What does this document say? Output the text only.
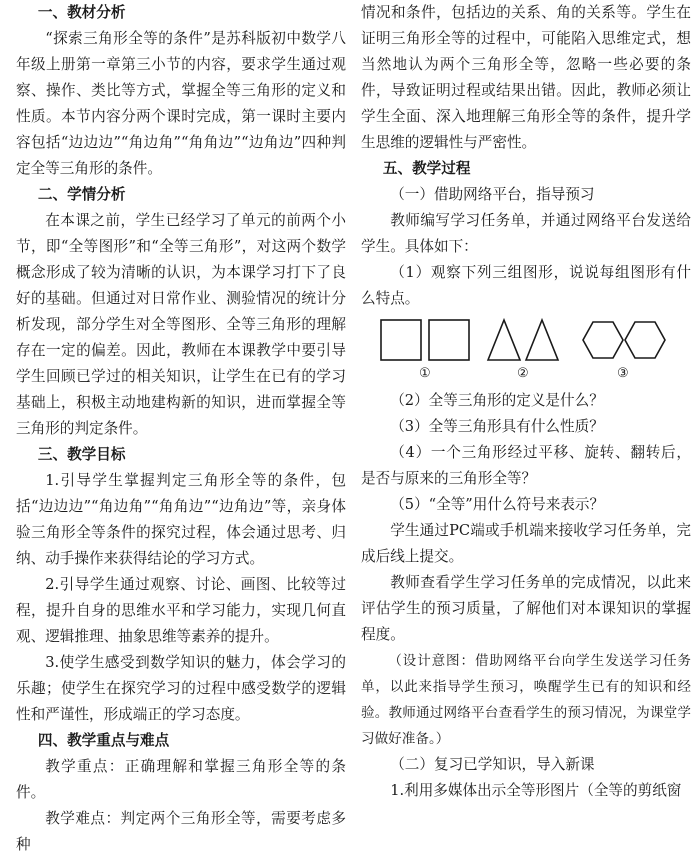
一、教材分析

“探索三角形全等的条件”是苏科版初中数学八年级上册第一章第三小节的内容，要求学生通过观察、操作、类比等方式，掌握全等三角形的定义和性质。本节内容分两个课时完成，第一课时主要内容包括“边边边”“角边角”“角角边”“边角边”四种判定全等三角形的条件。

二、学情分析

在本课之前，学生已经学习了单元的前两个小节，即“全等图形”和“全等三角形”，对这两个数学概念形成了较为清晰的认识，为本课学习打下了良好的基础。但通过对日常作业、测验情况的统计分析发现，部分学生对全等图形、全等三角形的理解存在一定的偏差。因此，教师在本课教学中要引导学生回顾已学过的相关知识，让学生在已有的学习基础上，积极主动地建构新的知识，进而掌握全等三角形的判定条件。

三、教学目标

1.引导学生掌握判定三角形全等的条件，包括“边边边”“角边角”“角角边”“边角边”等，亲身体验三角形全等条件的探究过程，体会通过思考、归纳、动手操作来获得结论的学习方式。

2.引导学生通过观察、讨论、画图、比较等过程，提升自身的思维水平和学习能力，实现几何直观、逻辑推理、抽象思维等素养的提升。

3.使学生感受到数学知识的魅力，体会学习的乐趣；使学生在探究学习的过程中感受数学的逻辑性和严谨性，形成端正的学习态度。

四、教学重点与难点

教学重点：正确理解和掌握三角形全等的条件。

教学难点：判定两个三角形全等，需要考虑多种

情况和条件，包括边的关系、角的关系等。学生在证明三角形全等的过程中，可能陷入思维定式，想当然地认为两个三角形全等，忽略一些必要的条件，导致证明过程或结果出错。因此，教师必须让学生全面、深入地理解三角形全等的条件，提升学生思维的逻辑性与严密性。

五、教学过程

（一）借助网络平台，指导预习

教师编写学习任务单，并通过网络平台发送给学生。具体如下：

（1）观察下列三组图形，说说每组图形有什么特点。

①	②	③

（2）全等三角形的定义是什么？

（3）全等三角形具有什么性质？

（4）一个三角形经过平移、旋转、翻转后，是否与原来的三角形全等？

（5）“全等”用什么符号来表示？

学生通过PC端或手机端来接收学习任务单，完成后线上提交。

教师查看学生学习任务单的完成情况，以此来评估学生的预习质量，了解他们对本课知识的掌握程度。

（设计意图：借助网络平台向学生发送学习任务单，以此来指导学生预习，唤醒学生已有的知识和经验。教师通过网络平台查看学生的预习情况，为课堂学习做好准备。）

（二）复习已学知识，导入新课

1.利用多媒体出示全等形图片（全等的剪纸窗
